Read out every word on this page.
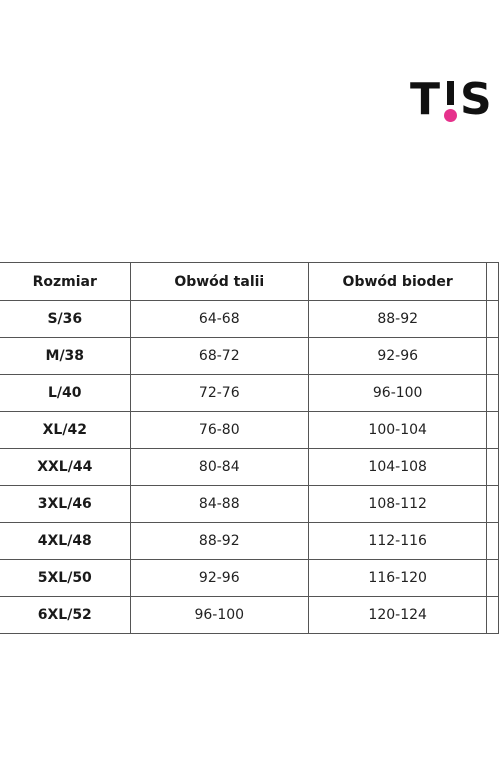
T S
Rozmiar	Obwód talii	Obwód bioder	
S/36	64-68	88-92	
M/38	68-72	92-96	
L/40	72-76	96-100	
XL/42	76-80	100-104	
XXL/44	80-84	104-108	
3XL/46	84-88	108-112	
4XL/48	88-92	112-116	
5XL/50	92-96	116-120	
6XL/52	96-100	120-124	
